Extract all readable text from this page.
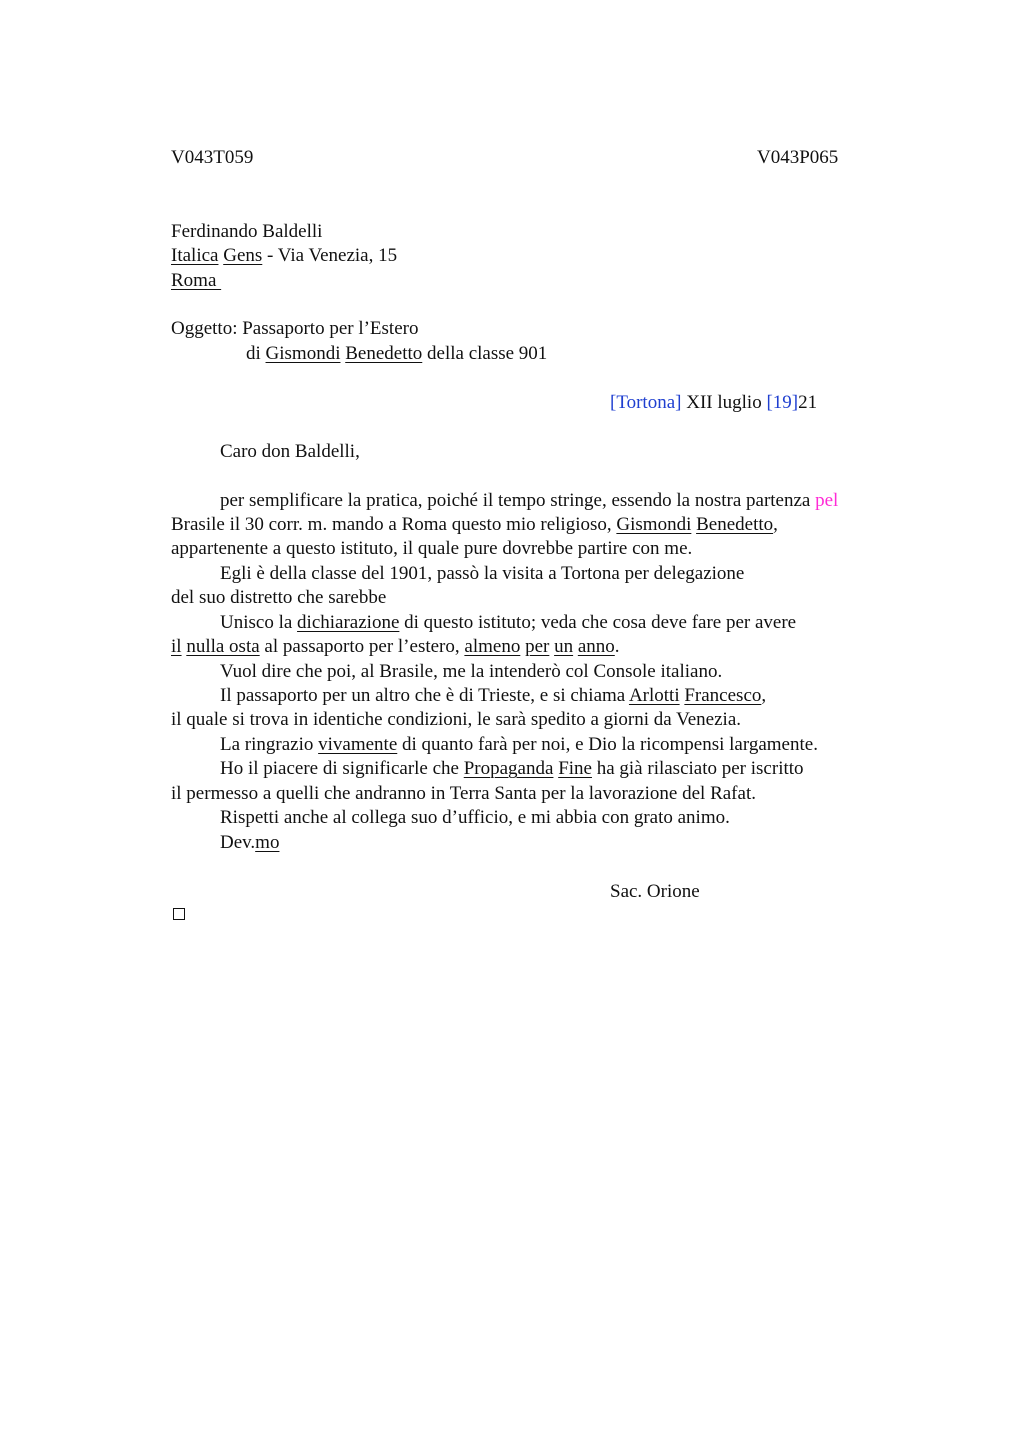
V043T059	V043P065
Ferdinando Baldelli
Italica Gens - Via Venezia, 15
Roma
Oggetto: Passaporto per l’Estero
di Gismondi Benedetto della classe 901
[Tortona] XII luglio [19]21
Caro don Baldelli,
per semplificare la pratica, poiché il tempo stringe, essendo la nostra partenza pel
Brasile il 30 corr. m. mando a Roma questo mio religioso, Gismondi Benedetto,
appartenente a questo istituto, il quale pure dovrebbe partire con me.
Egli è della classe del 1901, passò la visita a Tortona per delegazione
del suo distretto che sarebbe
Unisco la dichiarazione di questo istituto; veda che cosa deve fare per avere
il nulla osta al passaporto per l’estero, almeno per un anno.
Vuol dire che poi, al Brasile, me la intenderò col Console italiano.
Il passaporto per un altro che è di Trieste, e si chiama Arlotti Francesco,
il quale si trova in identiche condizioni, le sarà spedito a giorni da Venezia.
La ringrazio vivamente di quanto farà per noi, e Dio la ricompensi largamente.
Ho il piacere di significarle che Propaganda Fine ha già rilasciato per iscritto
il permesso a quelli che andranno in Terra Santa per la lavorazione del Rafat.
Rispetti anche al collega suo d’ufficio, e mi abbia con grato animo.
Dev.mo
Sac. Orione
